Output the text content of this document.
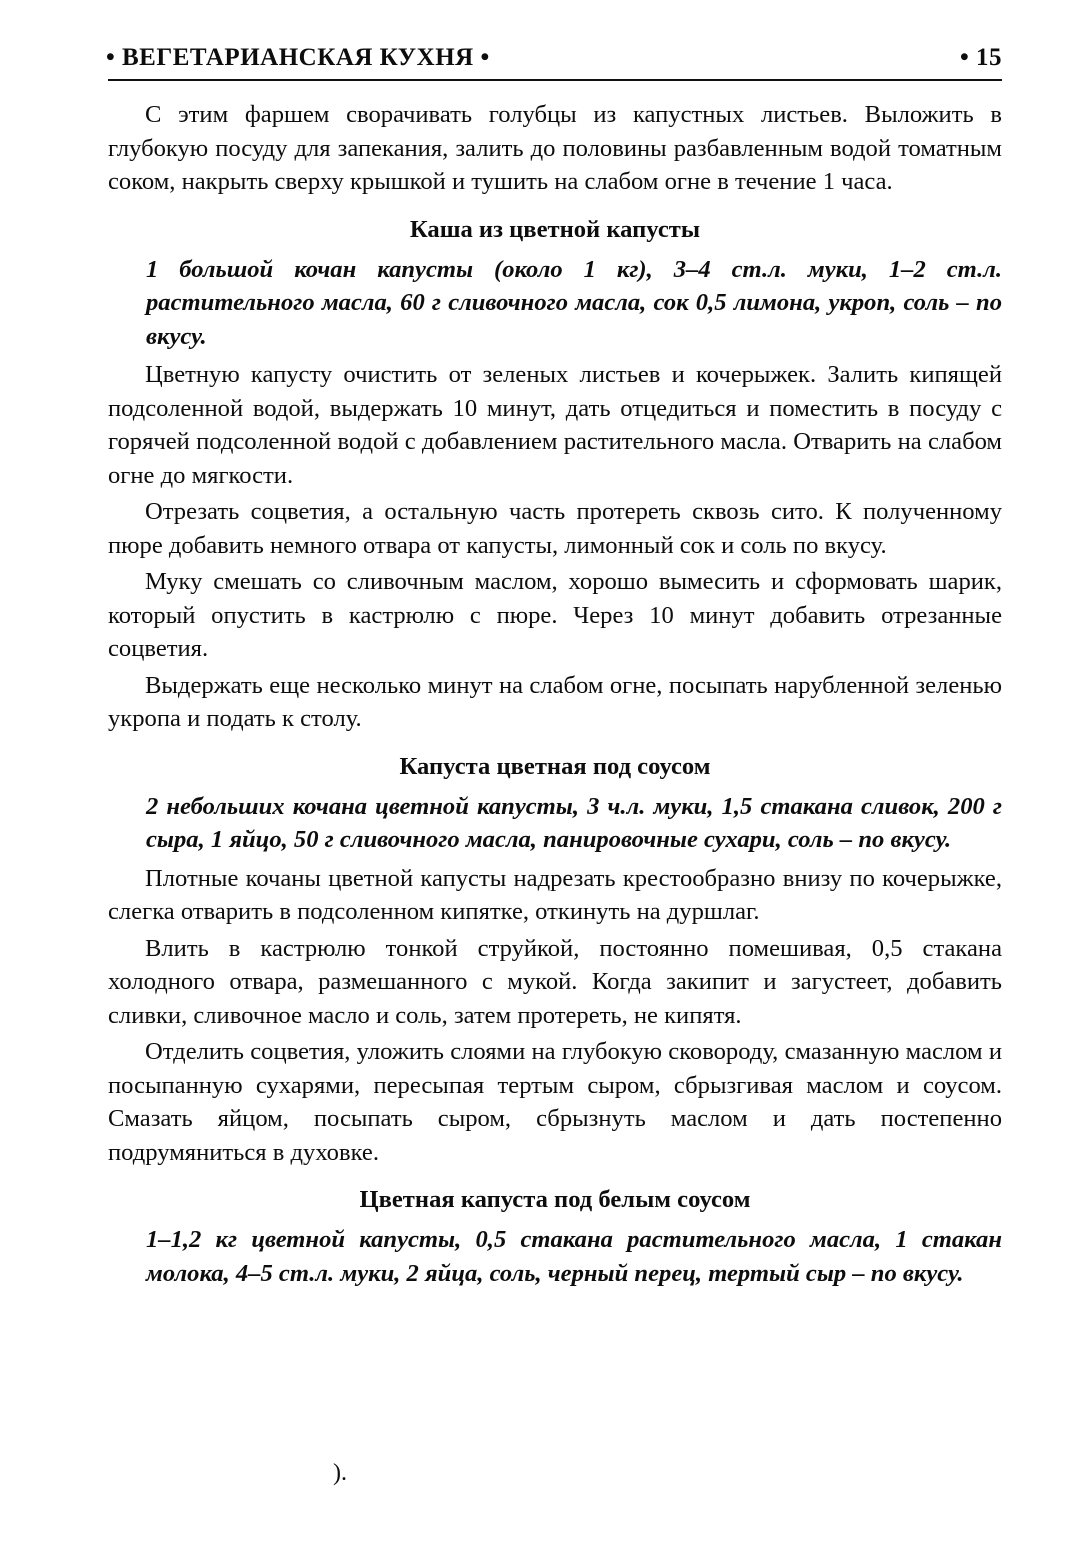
• ВЕГЕТАРИАНСКАЯ КУХНЯ •	• 15

С этим фаршем сворачивать голубцы из капустных листьев. Выложить в глубокую посуду для запекания, залить до половины разбавленным водой томатным соком, накрыть сверху крышкой и тушить на слабом огне в течение 1 часа.

Каша из цветной капусты

1 большой кочан капусты (около 1 кг), 3–4 ст.л. муки, 1–2 ст.л. растительного масла, 60 г сливочного масла, сок 0,5 лимона, укроп, соль – по вкусу.

Цветную капусту очистить от зеленых листьев и кочерыжек. Залить кипящей подсоленной водой, выдержать 10 минут, дать отцедиться и поместить в посуду с горячей подсоленной водой с добавлением растительного масла. Отварить на слабом огне до мягкости.

Отрезать соцветия, а остальную часть протереть сквозь сито. К полученному пюре добавить немного отвара от капусты, лимонный сок и соль по вкусу.

Муку смешать со сливочным маслом, хорошо вымесить и сформовать шарик, который опустить в кастрюлю с пюре. Через 10 минут добавить отрезанные соцветия.

Выдержать еще несколько минут на слабом огне, посыпать нарубленной зеленью укропа и подать к столу.

Капуста цветная под соусом

2 небольших кочана цветной капусты, 3 ч.л. муки, 1,5 стакана сливок, 200 г сыра, 1 яйцо, 50 г сливочного масла, панировочные сухари, соль – по вкусу.

Плотные кочаны цветной капусты надрезать крестообразно внизу по кочерыжке, слегка отварить в подсоленном кипятке, откинуть на дуршлаг.

Влить в кастрюлю тонкой струйкой, постоянно помешивая, 0,5 стакана холодного отвара, размешанного с мукой. Когда закипит и загустеет, добавить сливки, сливочное масло и соль, затем протереть, не кипятя.

Отделить соцветия, уложить слоями на глубокую сковороду, смазанную маслом и посыпанную сухарями, пересыпая тертым сыром, сбрызгивая маслом и соусом. Смазать яйцом, посыпать сыром, сбрызнуть маслом и дать постепенно подрумяниться в духовке.

Цветная капуста под белым соусом

1–1,2 кг цветной капусты, 0,5 стакана растительного масла, 1 стакан молока, 4–5 ст.л. муки, 2 яйца, соль, черный перец, тертый сыр – по вкусу.

).
